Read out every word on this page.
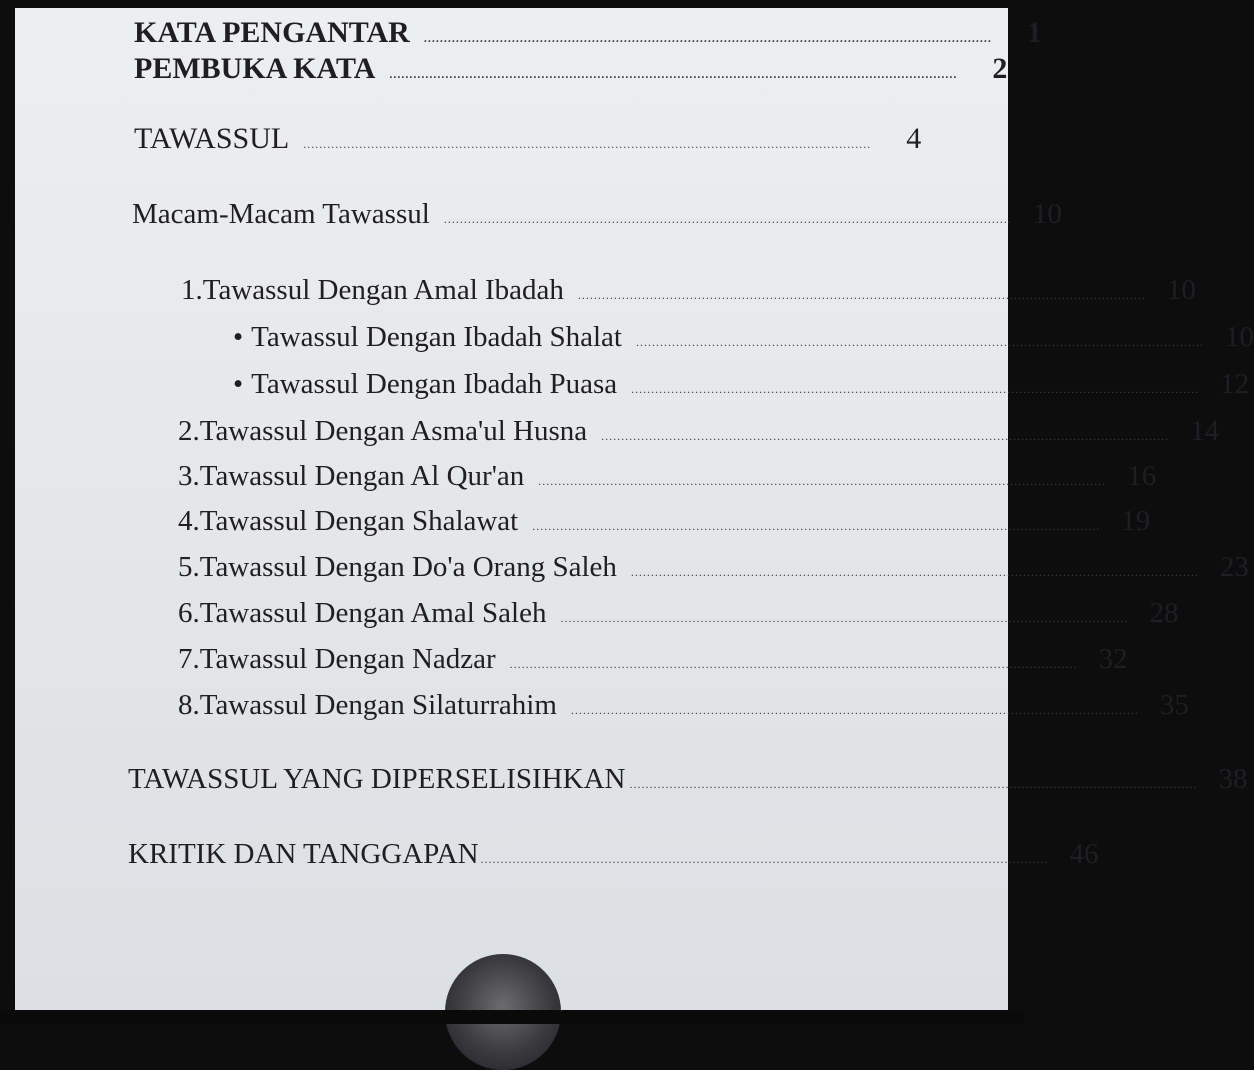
KATA PENGANTAR ..............................................................................................................................................	1
PEMBUKA KATA ..............................................................................................................................................	2
TAWASSUL ..............................................................................................................................................	4
Macam-Macam Tawassul .............................................................................................................................................. 10
1.Tawassul Dengan Amal Ibadah .............................................................................................................................................. 10
• Tawassul Dengan Ibadah Shalat .............................................................................................................................................. 10
• Tawassul Dengan Ibadah Puasa .............................................................................................................................................. 12
2.Tawassul Dengan Asma'ul Husna .............................................................................................................................................. 14
3.Tawassul Dengan Al Qur'an .............................................................................................................................................. 16
4.Tawassul Dengan Shalawat .............................................................................................................................................. 19
5.Tawassul Dengan Do'a Orang Saleh .............................................................................................................................................. 23
6.Tawassul Dengan Amal Saleh .............................................................................................................................................. 28
7.Tawassul Dengan Nadzar .............................................................................................................................................. 32
8.Tawassul Dengan Silaturrahim .............................................................................................................................................. 35
TAWASSUL YANG DIPERSELISIHKAN .............................................................................................................................................. 38
KRITIK DAN TANGGAPAN .............................................................................................................................................. 46
